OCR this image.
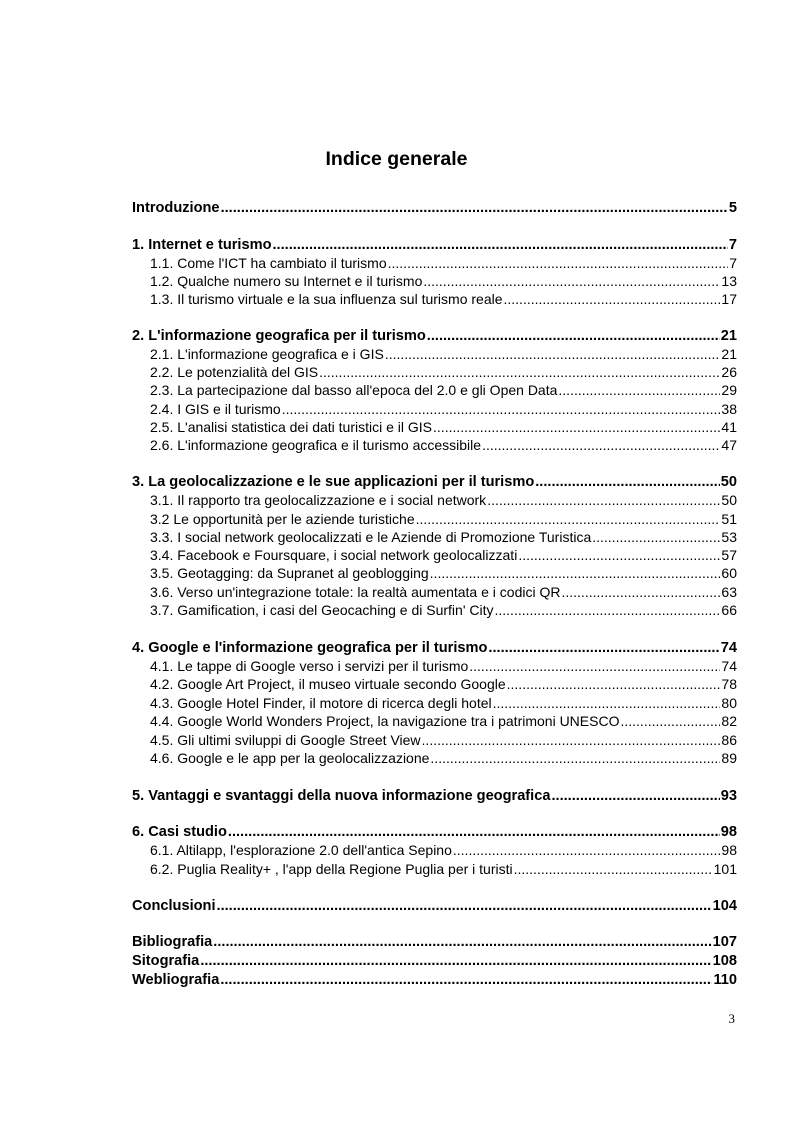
Indice generale
Introduzione .....	5
1. Internet e turismo .....	7
1.1. Come l'ICT ha cambiato il turismo .....	7
1.2. Qualche numero su Internet e il turismo .....	13
1.3. Il turismo virtuale e la sua influenza sul turismo reale .....	17
2. L'informazione geografica per il turismo .....	21
2.1. L'informazione geografica e i GIS .....	21
2.2. Le potenzialità del GIS .....	26
2.3. La partecipazione dal basso all'epoca del 2.0 e gli Open Data .....	29
2.4. I GIS e il turismo .....	38
2.5. L'analisi statistica dei dati turistici e il GIS .....	41
2.6. L'informazione geografica e il turismo accessibile .....	47
3. La geolocalizzazione e le sue applicazioni per il turismo .....	50
3.1. Il rapporto tra geolocalizzazione e i social network .....	50
3.2 Le opportunità per le aziende turistiche .....	51
3.3. I social network geolocalizzati e le Aziende di Promozione Turistica .....	53
3.4. Facebook e Foursquare, i social network geolocalizzati .....	57
3.5. Geotagging: da Supranet al geoblogging .....	60
3.6. Verso un'integrazione totale: la realtà aumentata e i codici QR .....	63
3.7. Gamification, i casi del Geocaching e di Surfin' City .....	66
4. Google e l'informazione geografica per il turismo .....	74
4.1. Le tappe di Google verso i servizi per il turismo .....	74
4.2. Google Art Project, il museo virtuale secondo Google .....	78
4.3. Google Hotel Finder, il motore di ricerca degli hotel .....	80
4.4. Google World Wonders Project, la navigazione tra i patrimoni UNESCO .....	82
4.5. Gli ultimi sviluppi di Google Street View .....	86
4.6. Google e le app per la geolocalizzazione .....	89
5. Vantaggi e svantaggi della nuova informazione geografica .....	93
6. Casi studio .....	98
6.1. Altilapp, l'esplorazione 2.0 dell'antica Sepino .....	98
6.2. Puglia Reality+ , l'app della Regione Puglia per i turisti .....	101
Conclusioni .....	104
Bibliografia .....	107
Sitografia .....	108
Webliografia .....	110
3
